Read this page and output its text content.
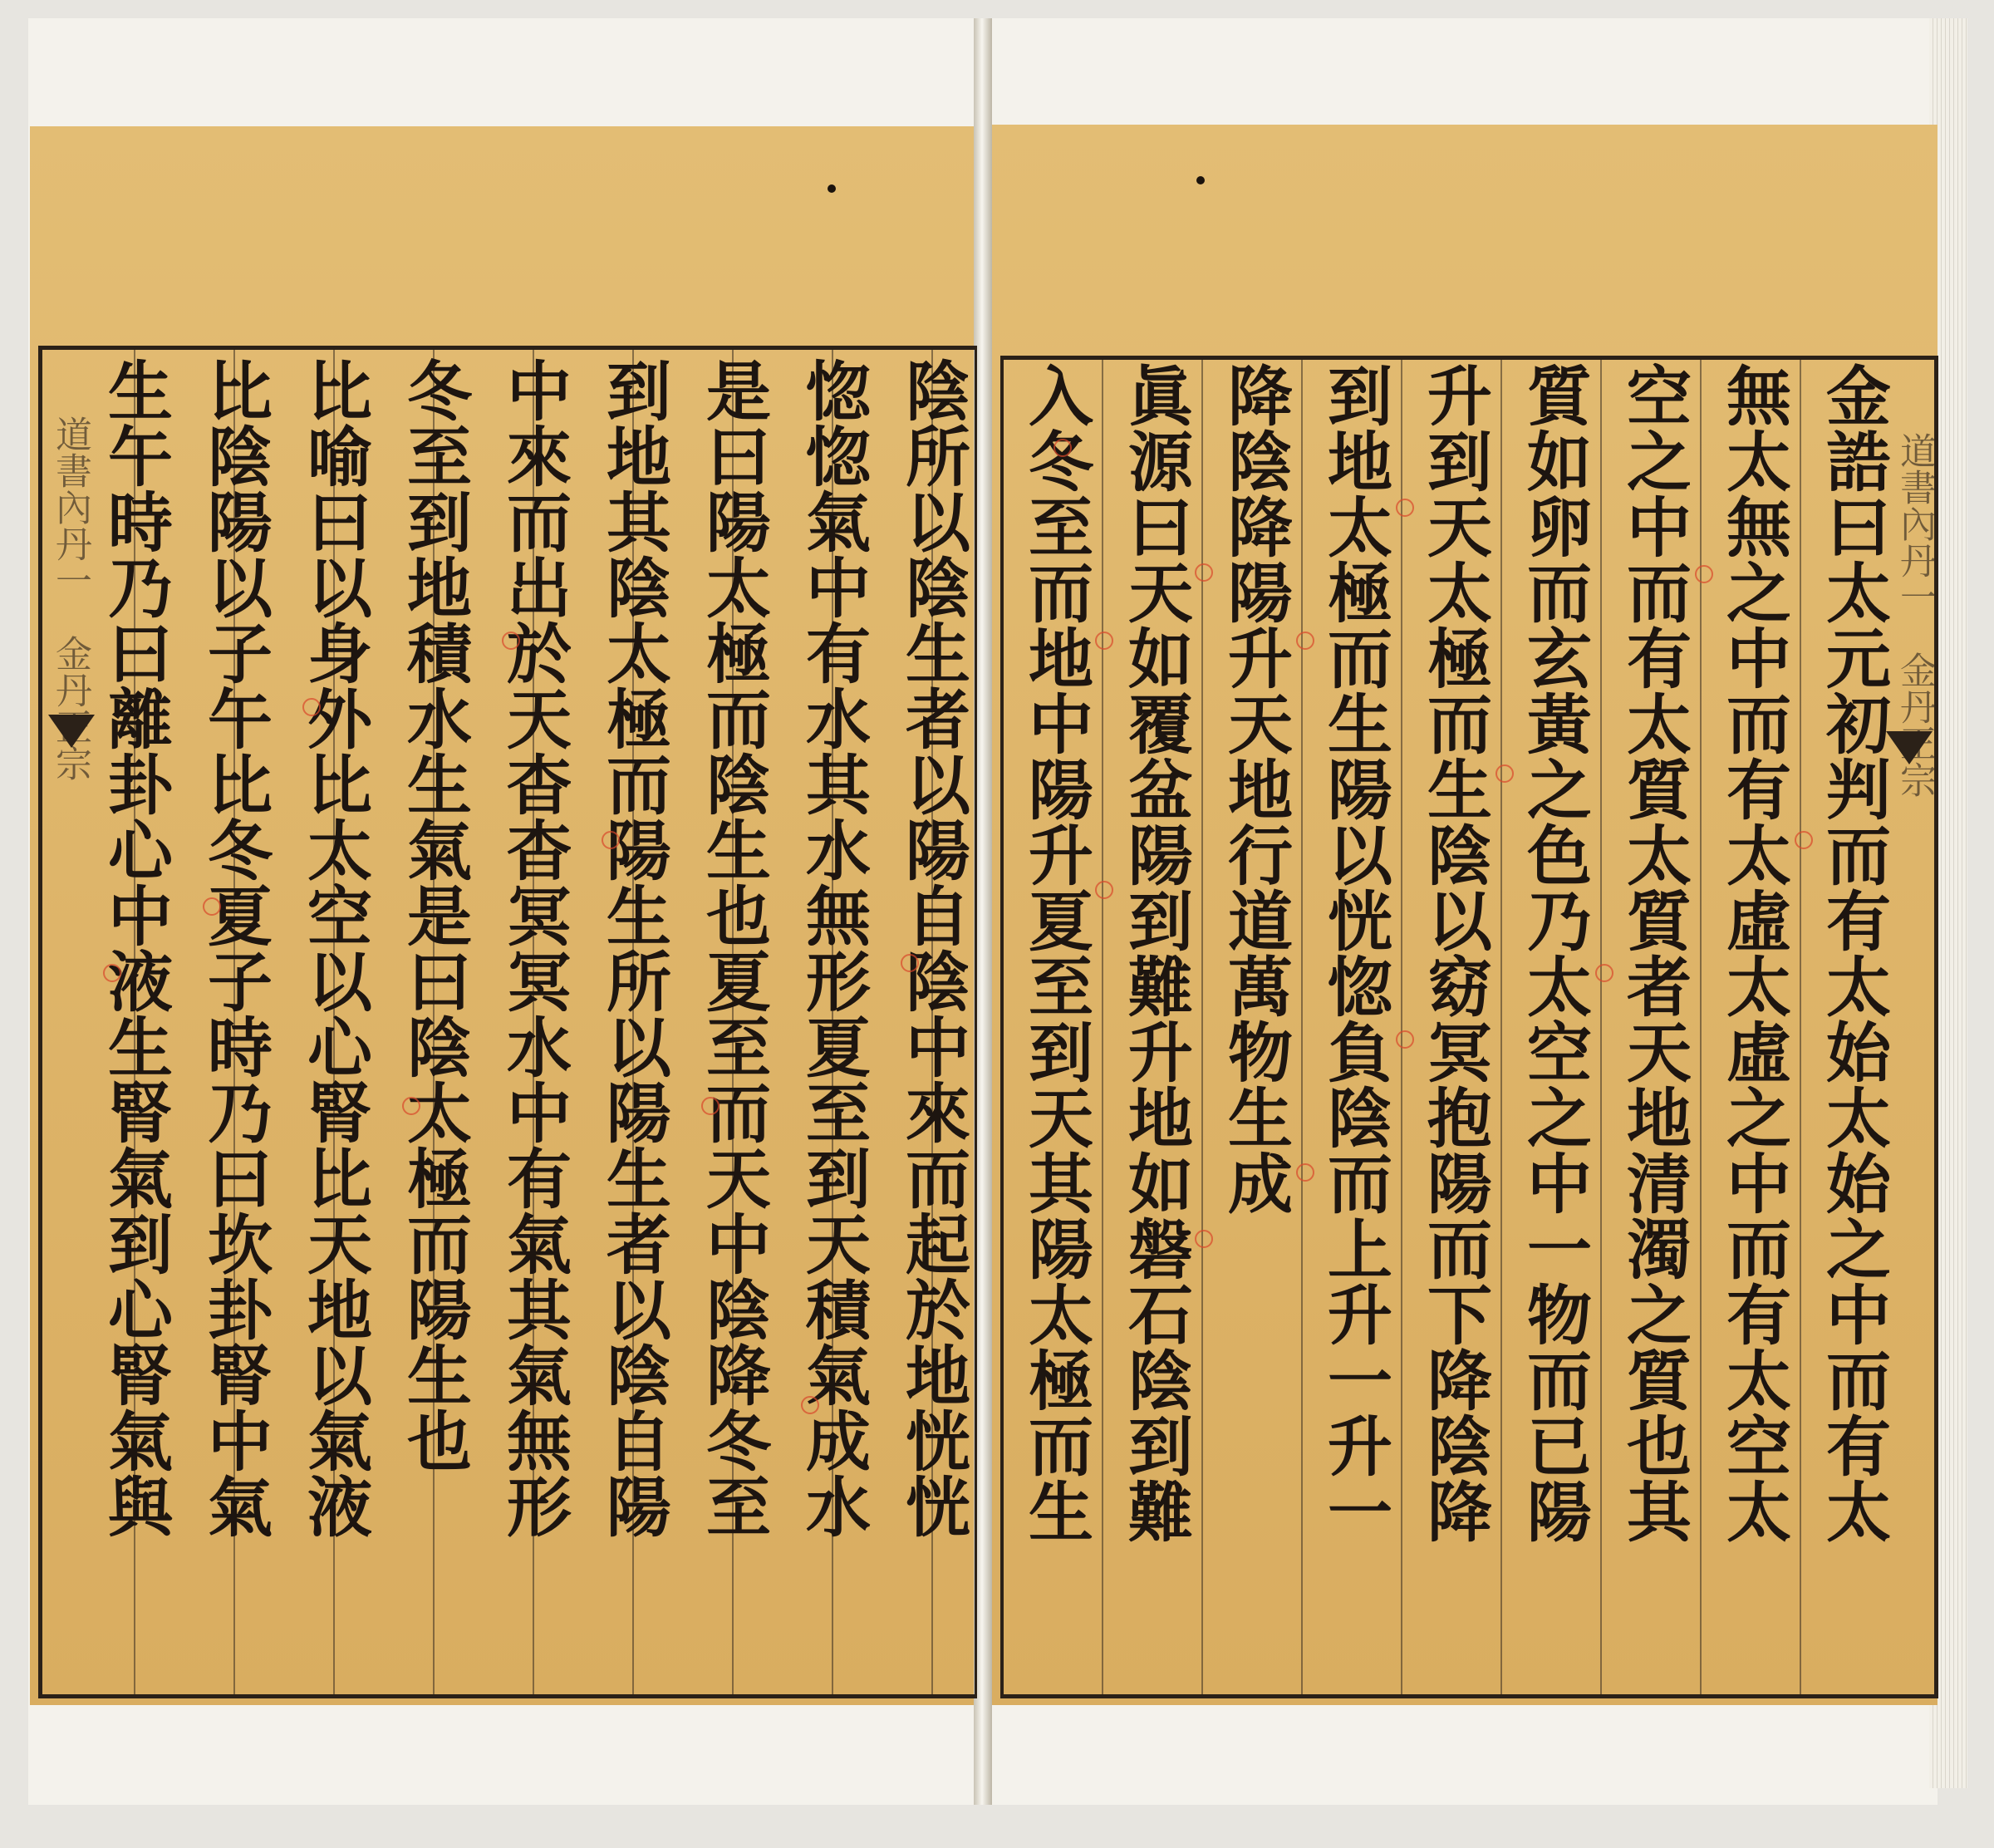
道書內丹一　金丹正宗	陰所以陰生者以陽自陰中來而起於地恍恍
惚惚氣中有水其水無形夏至到天積氣成水
是曰陽太極而陰生也夏至而天中陰降冬至
到地其陰太極而陽生所以陽生者以陰自陽
中來而出於天杳杳冥冥水中有氣其氣無形
冬至到地積水生氣是曰陰太極而陽生也
比喻曰以身外比太空以心腎比天地以氣液
比陰陽以子午比冬夏子時乃曰坎卦腎中氣
生午時乃曰離卦心中液生腎氣到心腎氣與	道書內丹一　金丹正宗
金誥曰太元初判而有太始太始之中而有太
無太無之中而有太虛太虛之中而有太空太
空之中而有太質太質者天地清濁之質也其
質如卵而玄黃之色乃太空之中一物而已陽
升到天太極而生陰以窈冥抱陽而下降陰降
到地太極而生陽以恍惚負陰而上升一升一
降陰降陽升天地行道萬物生成
眞源曰天如覆盆陽到難升地如磐石陰到難
入冬至而地中陽升夏至到天其陽太極而生
